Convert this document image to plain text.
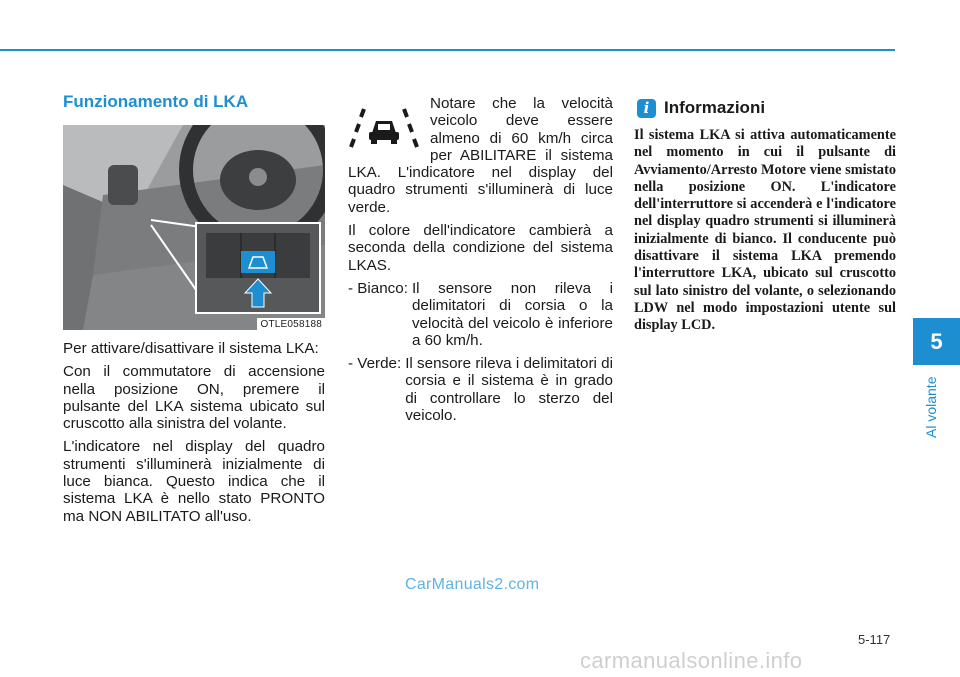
Funzionamento di LKA
OTLE058188

Per attivare/disattivare il sistema LKA:

Con il commutatore di accensione nella posizione ON, premere il pulsante del LKA sistema ubicato sul cruscotto alla sinistra del volante.

L'indicatore nel display del quadro strumenti s'illuminerà inizialmente di luce bianca. Questo indica che il sistema LKA è nello stato PRONTO ma NON ABILITATO all'uso.

Notare che la velocità veicolo deve essere almeno di 60 km/h circa per ABILITARE il sistema LKA. L'indicatore nel display del quadro strumenti s'illuminerà di luce verde.

Il colore dell'indicatore cambierà a seconda della condizione del sistema LKAS.

- Bianco: Il sensore non rileva i delimitatori di corsia o la velocità del veicolo è inferiore a 60 km/h.
- Verde: Il sensore rileva i delimitatori di corsia e il sistema è in grado di controllare lo sterzo del veicolo.
i Informazioni

Il sistema LKA si attiva automaticamente nel momento in cui il pulsante di Avviamento/Arresto Motore viene smistato nella posizione ON. L'indicatore dell'interruttore si accenderà e l'indicatore nel display quadro strumenti si illuminerà inizialmente di bianco. Il conducente può disattivare il sistema LKA premendo l'interruttore LKA, ubicato sul cruscotto sul lato sinistro del volante, o selezionando LDW nel modo impostazioni utente sul display LCD.

5
Al volante
5-117
CarManuals2.com
carmanualsonline.info
